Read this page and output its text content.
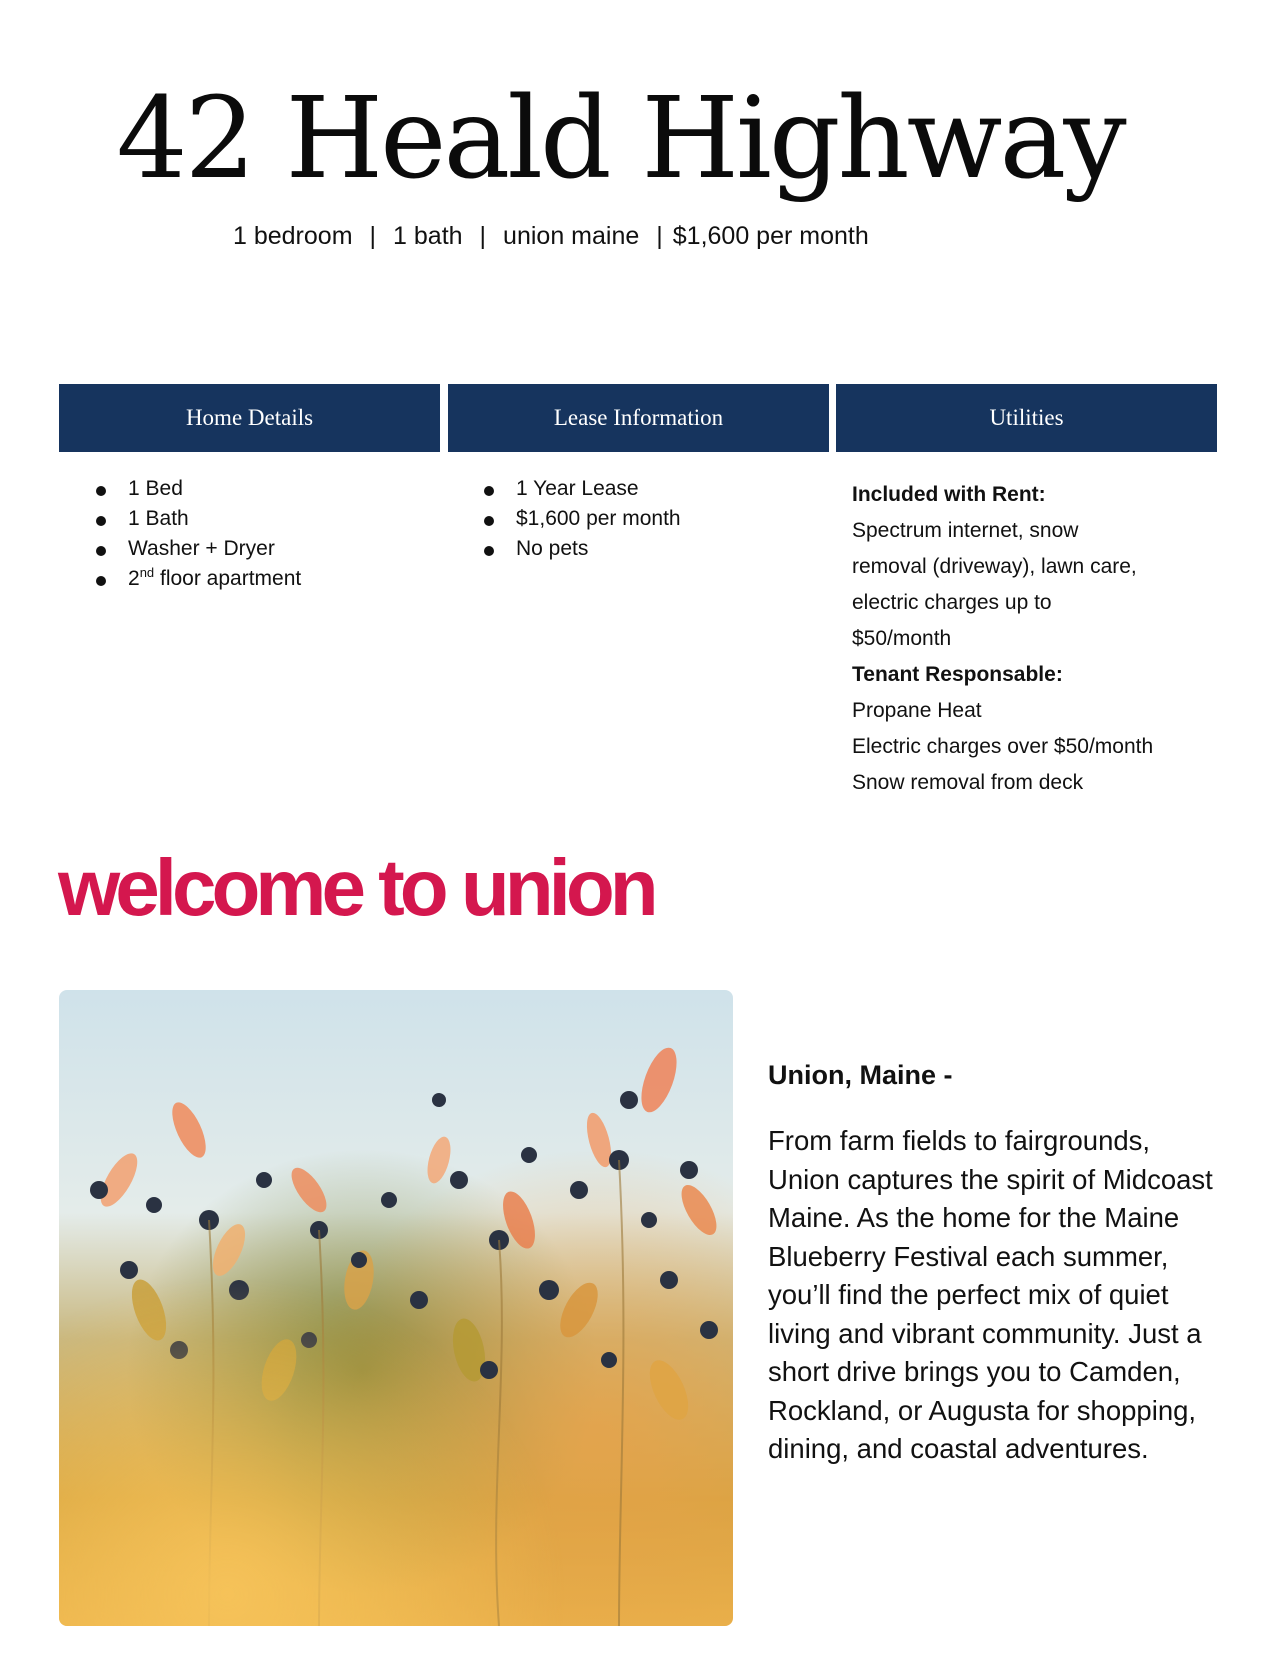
42 Heald Highway
1 bedroom | 1 bath | union maine | $1,600 per month
Home Details	Lease Information	Utilities
1 Bed
1 Bath
Washer + Dryer
2nd floor apartment
1 Year Lease
$1,600 per month
No pets

Included with Rent:

Spectrum internet, snow

removal (driveway), lawn care,

electric charges up to

$50/month

Tenant Responsable:

Propane Heat

Electric charges over $50/month

Snow removal from deck

welcome to union
Union, Maine -

From farm fields to fairgrounds, Union captures the spirit of Midcoast Maine. As the home for the Maine Blueberry Festival each summer, you’ll find the perfect mix of quiet living and vibrant community. Just a short drive brings you to Camden, Rockland, or Augusta for shopping, dining, and coastal adventures.
